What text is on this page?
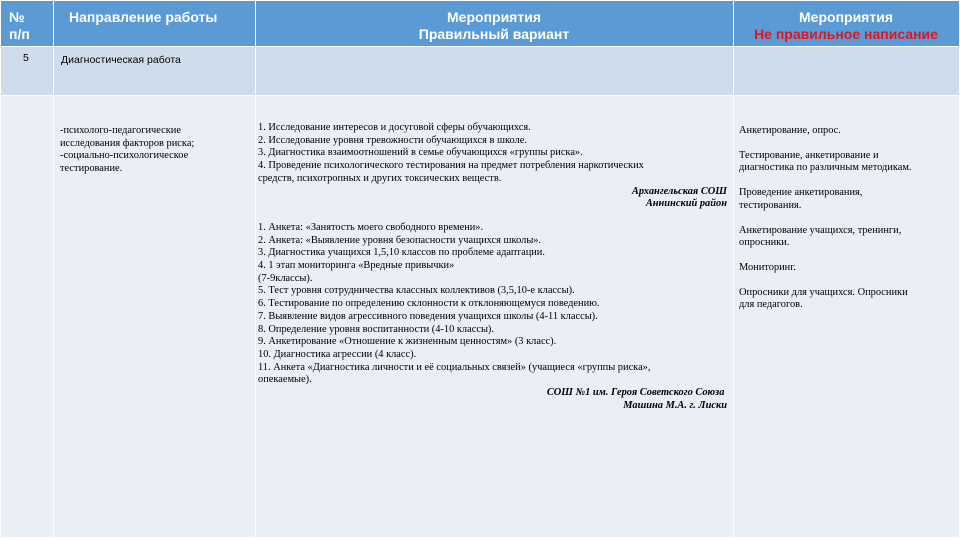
№
п/п
Направление работы	Мероприятия
Правильный вариант
Мероприятия
Не правильное написание
5	Диагностическая работа

-психолого-педагогические

исследования факторов риска;

-социально-психологическое

тестирование.

1. Исследование интересов и досуговой сферы обучающихся.

2. Исследование уровня тревожности обучающихся в школе.

3. Диагностика взаимоотношений в семье обучающихся «группы риска».

4. Проведение психологического тестирования на предмет потребления наркотических

средств, психотропных и других токсических веществ.

Архангельская СОШ

Аннинский район

1. Анкета: «Занятость моего свободного времени».

2. Анкета: «Выявление уровня безопасности учащихся школы».

3. Диагностика учащихся 1,5,10 классов по проблеме адаптации.

4. 1 этап мониторинга «Вредные привычки»

(7-9классы).

5. Тест уровня сотрудничества классных коллективов (3,5,10-е классы).

6. Тестирование по определению склонности к отклоняющемуся поведению.

7. Выявление видов агрессивного поведения учащихся школы (4-11 классы).

8. Определение уровня воспитанности (4-10 классы).

9. Анкетирование «Отношение к жизненным ценностям» (3 класс).

10. Диагностика агрессии (4 класс).

11. Анкета «Диагностика личности и её социальных связей» (учащиеся «группы риска»,

опекаемые).

СОШ №1 им. Героя Советского Союза

Машина М.А. г. Лиски

Анкетирование, опрос.

Тестирование, анкетирование и

диагностика по различным методикам.

Проведение анкетирования,

тестирования.

Анкетирование учащихся, тренинги,

опросники.

Мониторинг.

Опросники для учащихся. Опросники

для педагогов.
